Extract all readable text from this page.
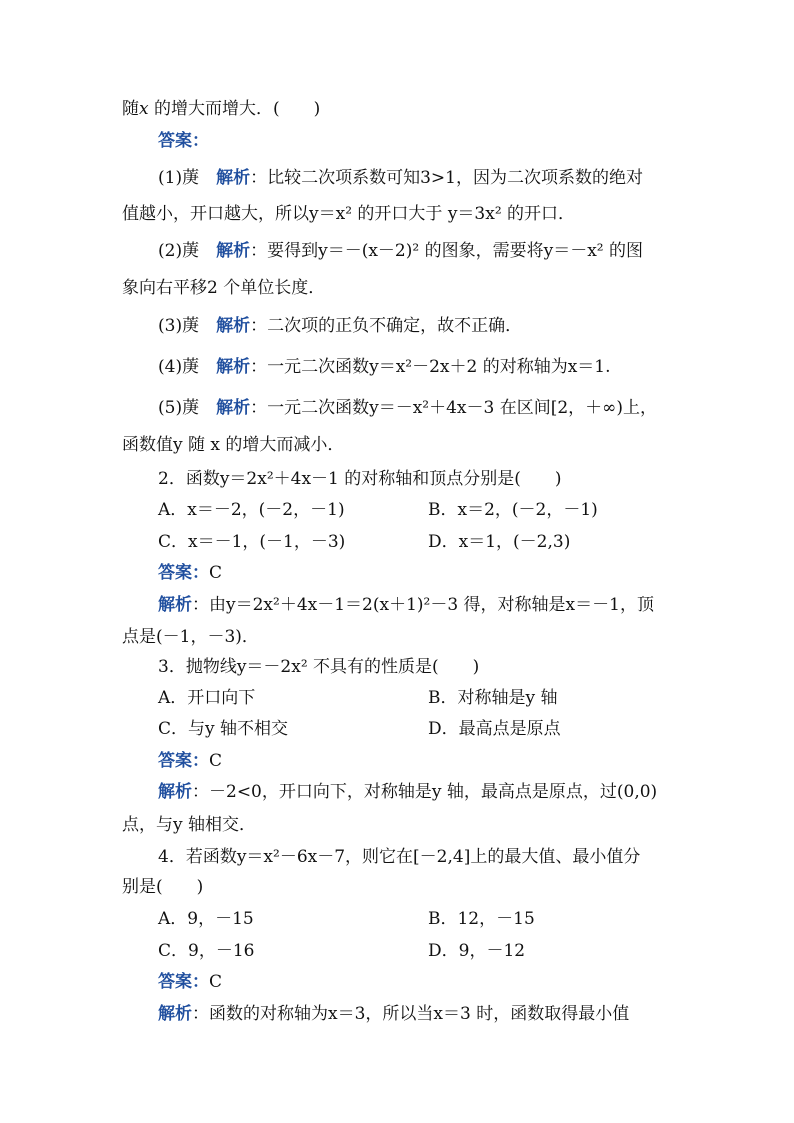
随x 的增大而增大．(　　)
答案：
(1)菮　 解析：比较二次项系数可知3>1，因为二次项系数的绝对
值越小，开口越大，所以y＝x² 的开口大于 y＝3x² 的开口．
(2)菮　 解析：要得到y＝－(x－2)² 的图象，需要将y＝－x² 的图
象向右平移2 个单位长度．
(3)菮　 解析：二次项的正负不确定，故不正确．
(4)菮　 解析：一元二次函数y＝x²－2x＋2 的对称轴为x＝1.
(5)菮　 解析：一元二次函数y＝－x²＋4x－3 在区间[2，＋∞)上，
函数值y 随 x 的增大而减小．
2．函数y＝2x²＋4x－1 的对称轴和顶点分别是(　　)
A．x＝－2，(－2，－1)	B．x＝2，(－2，－1)
C．x＝－1，(－1，－3)	D．x＝1，(－2,3)
答案：C
解析：由y＝2x²＋4x－1＝2(x＋1)²－3 得，对称轴是x＝－1，顶
点是(－1，－3)．
3．抛物线y＝－2x² 不具有的性质是(　　)
A．开口向下	B．对称轴是y 轴
C．与y 轴不相交	D．最高点是原点
答案：C
解析：－2<0，开口向下，对称轴是y 轴，最高点是原点，过(0,0)
点，与y 轴相交．
4．若函数y＝x²－6x－7，则它在[－2,4]上的最大值、最小值分
别是(　　)
A．9，－15	B．12，－15
C．9，－16	D．9，－12
答案：C
解析：函数的对称轴为x＝3，所以当x＝3 时，函数取得最小值
